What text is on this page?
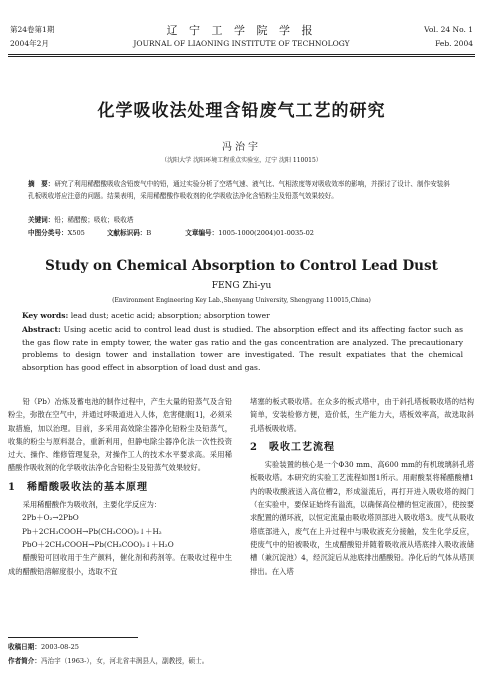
第24卷第1期
2004年2月
辽 宁 工 学 院 学 报
JOURNAL OF LIAONING INSTITUTE OF TECHNOLOGY
Vol. 24 No. 1
Feb. 2004
化学吸收法处理含铅废气工艺的研究
冯治宇
（沈阳大学 沈阳环境工程重点实验室，辽宁 沈阳 110015）
摘　要：研究了利用稀醋酸吸收含铅废气中的铅，通过实验分析了空塔气速、液气比、气相浓度等对吸收效率的影响，并探讨了设计、制作安装斜孔板吸收塔应注意的问题。结果表明，采用稀醋酸作吸收剂的化学吸收法净化含铅粉尘及铅蒸气效果较好。
关键词：铅；稀醋酸；吸收；吸收塔
中图分类号：X505	文献标识码：B	文章编号：1005-1000(2004)01-0035-02
Study on Chemical Absorption to Control Lead Dust
FENG Zhi-yu
(Environment Engineering Key Lab.,Shenyang University, Shengyang 110015,China)
Key words: lead dust; acetic acid; absorption; absorption tower
Abstract: Using acetic acid to control lead dust is studied. The absorption effect and its affecting factor such as the gas flow rate in empty tower, the water gas ratio and the gas concentration are analyzed. The precautionary problems to design tower and installation tower are investigated. The result expatiates that the chemical absorption has good effect in absorption of load dust and gas.

铅（Pb）冶炼及蓄电池的制作过程中，产生大量的铅蒸气及含铅粉尘，弥散在空气中，并通过呼吸道进入人体，危害健康[1]，必须采取措施，加以治理。目前，多采用高效除尘器净化铅粉尘及铅蒸气，收集的粉尘与原料混合，重新利用，但静电除尘器净化法一次性投资过大、操作、维修管理复杂，对操作工人的技术水平要求高。采用稀醋酸作吸收剂的化学吸收法净化含铅粉尘及铅蒸气效果较好。

1　稀醋酸吸收法的基本原理

采用稀醋酸作为吸收剂，主要化学反应为：

2Pb＋O₂→2PbO
Pb＋2CH₃COOH→Pb(CH₃COO)₂↓＋H₂
PbO＋2CH₃COOH→Pb(CH₃COO)₂↓＋H₂O

醋酸铅可回收用于生产颜料，催化剂和药剂等。在吸收过程中生成的醋酸铅溶解度很小，选取不宜

堵塞的板式吸收塔。在众多的板式塔中，由于斜孔塔板吸收塔的结构简单，安装检修方便，造价低，生产能力大，塔板效率高，故选取斜孔塔板吸收塔。

2　吸收工艺流程

实验装置的核心是一个Φ30 mm、高600 mm的有机玻璃斜孔塔板吸收塔。本研究的实验工艺流程如图1所示。用耐酸泵将稀醋酸槽1内的吸收酸液送入高位槽2，形成溢流后，再打开进入吸收塔的阀门（在实验中，要保证始终有溢流，以确保高位槽的恒定液面），使按要求配置的循环液，以恒定流量由吸收塔顶部进入吸收塔3。废气从吸收塔底部进入，废气在上升过程中与吸收液充分接触，发生化学反应，使废气中的铅被吸收，生成醋酸铅并随着吸收液从塔底排入吸收液储槽（兼沉淀池）4，经沉淀后从池底排出醋酸铅。净化后的气体从塔顶排出。在入塔

收稿日期：2003-08-25
作者简介：冯治宇（1963-），女，河北省丰润县人，副教授，硕士。
